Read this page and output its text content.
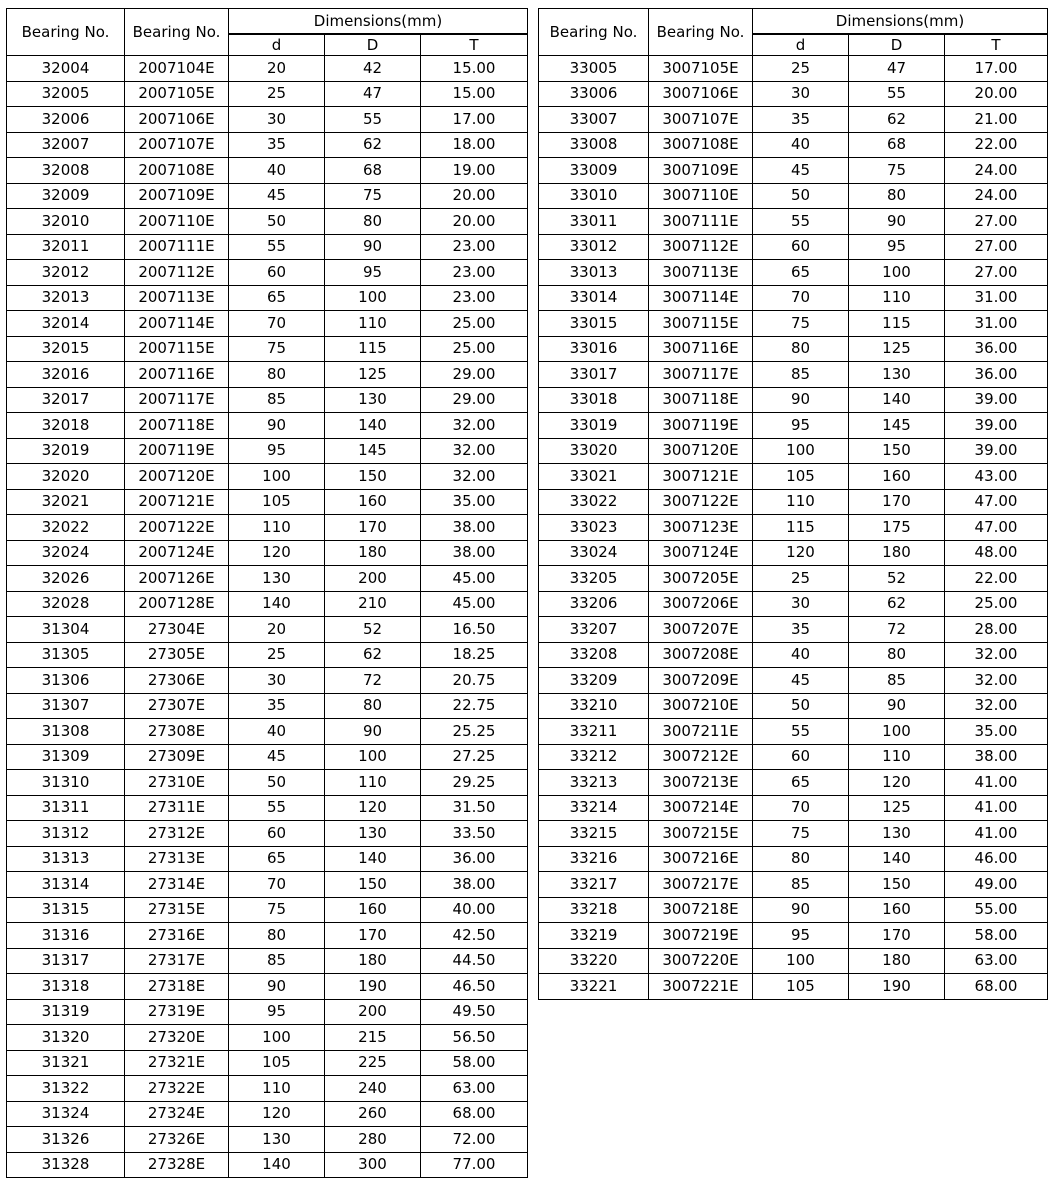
Bearing No.	Bearing No.	Dimensions(mm)		
		d	D	T
32004	2007104E	20	42	15.00
32005	2007105E	25	47	15.00
32006	2007106E	30	55	17.00
32007	2007107E	35	62	18.00
32008	2007108E	40	68	19.00
32009	2007109E	45	75	20.00
32010	2007110E	50	80	20.00
32011	2007111E	55	90	23.00
32012	2007112E	60	95	23.00
32013	2007113E	65	100	23.00
32014	2007114E	70	110	25.00
32015	2007115E	75	115	25.00
32016	2007116E	80	125	29.00
32017	2007117E	85	130	29.00
32018	2007118E	90	140	32.00
32019	2007119E	95	145	32.00
32020	2007120E	100	150	32.00
32021	2007121E	105	160	35.00
32022	2007122E	110	170	38.00
32024	2007124E	120	180	38.00
32026	2007126E	130	200	45.00
32028	2007128E	140	210	45.00
31304	27304E	20	52	16.50
31305	27305E	25	62	18.25
31306	27306E	30	72	20.75
31307	27307E	35	80	22.75
31308	27308E	40	90	25.25
31309	27309E	45	100	27.25
31310	27310E	50	110	29.25
31311	27311E	55	120	31.50
31312	27312E	60	130	33.50
31313	27313E	65	140	36.00
31314	27314E	70	150	38.00
31315	27315E	75	160	40.00
31316	27316E	80	170	42.50
31317	27317E	85	180	44.50
31318	27318E	90	190	46.50
31319	27319E	95	200	49.50
31320	27320E	100	215	56.50
31321	27321E	105	225	58.00
31322	27322E	110	240	63.00
31324	27324E	120	260	68.00
31326	27326E	130	280	72.00
31328	27328E	140	300	77.00
Bearing No.	Bearing No.	Dimensions(mm)		
		d	D	T
33005	3007105E	25	47	17.00
33006	3007106E	30	55	20.00
33007	3007107E	35	62	21.00
33008	3007108E	40	68	22.00
33009	3007109E	45	75	24.00
33010	3007110E	50	80	24.00
33011	3007111E	55	90	27.00
33012	3007112E	60	95	27.00
33013	3007113E	65	100	27.00
33014	3007114E	70	110	31.00
33015	3007115E	75	115	31.00
33016	3007116E	80	125	36.00
33017	3007117E	85	130	36.00
33018	3007118E	90	140	39.00
33019	3007119E	95	145	39.00
33020	3007120E	100	150	39.00
33021	3007121E	105	160	43.00
33022	3007122E	110	170	47.00
33023	3007123E	115	175	47.00
33024	3007124E	120	180	48.00
33205	3007205E	25	52	22.00
33206	3007206E	30	62	25.00
33207	3007207E	35	72	28.00
33208	3007208E	40	80	32.00
33209	3007209E	45	85	32.00
33210	3007210E	50	90	32.00
33211	3007211E	55	100	35.00
33212	3007212E	60	110	38.00
33213	3007213E	65	120	41.00
33214	3007214E	70	125	41.00
33215	3007215E	75	130	41.00
33216	3007216E	80	140	46.00
33217	3007217E	85	150	49.00
33218	3007218E	90	160	55.00
33219	3007219E	95	170	58.00
33220	3007220E	100	180	63.00
33221	3007221E	105	190	68.00
